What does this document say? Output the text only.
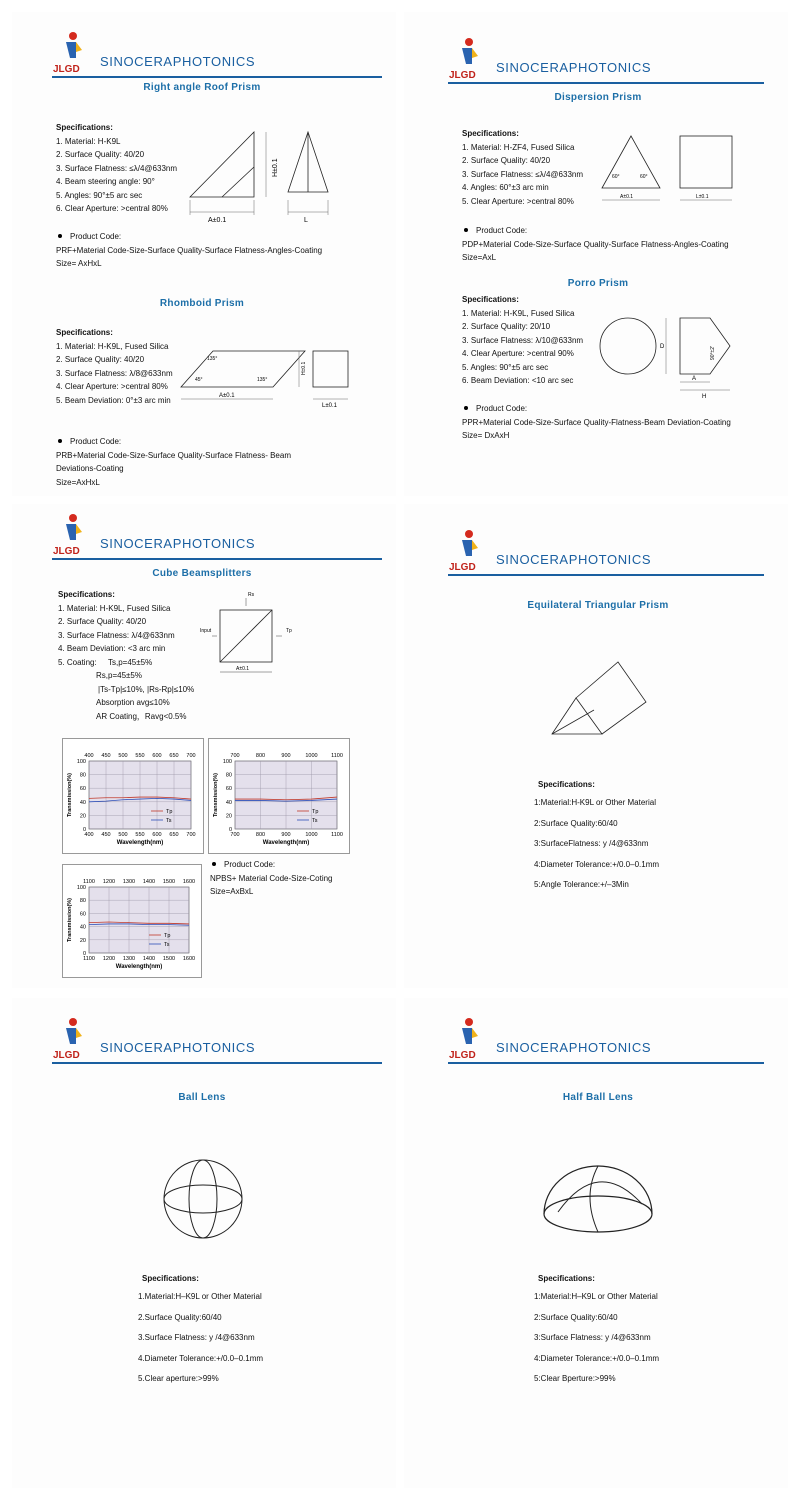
JLGD
SINOCERAPHOTONICS
Right angle Roof Prism
Specifications:
1. Material: H-K9L
2. Surface Quality: 40/20
3. Surface Flatness: ≤λ/4@633nm
4. Beam steering angle: 90°
5. Angles: 90°±5 arc sec
6. Clear Aperture: >central 80%
A±0.1
H±0.1
L
Product Code:
PRF+Material Code-Size-Surface Quality-Surface Flatness-Angles-Coating
Size= AxHxL
Rhomboid Prism
Specifications:
1. Material: H-K9L, Fused Silica
2. Surface Quality: 40/20
3. Surface Flatness: λ/8@633nm
4. Clear Aperture: >central 80%
5. Beam Deviation: 0°±3 arc min
135°
135°
45°
A±0.1
H±0.1
L±0.1
Product Code:
PRB+Material Code-Size-Surface Quality-Surface Flatness- Beam
Deviations-Coating
Size=AxHxL
JLGD
SINOCERAPHOTONICS
Dispersion Prism
Specifications:
1. Material: H-ZF4, Fused Silica
2. Surface Quality: 40/20
3. Surface Flatness: ≤λ/4@633nm
4. Angles: 60°±3 arc min
5. Clear Aperture: >central 80%
60°	60°
A±0.1	L±0.1
Product Code:
PDP+Material Code-Size-Surface Quality-Surface Flatness-Angles-Coating
Size=AxL
Porro Prism
Specifications:
1. Material: H-K9L, Fused Silica
2. Surface Quality: 20/10
3. Surface Flatness: λ/10@633nm
4. Clear Aperture: >central 90%
5. Angles: 90°±5 arc sec
6. Beam Deviation: <10 arc sec
D	90°±2'
A
H
Product Code:
PPR+Material Code-Size-Surface Quality-Flatness-Beam Deviation-Coating
Size= DxAxH
JLGD
SINOCERAPHOTONICS
Cube Beamsplitters
Specifications:
1. Material: H-K9L, Fused Silica
2. Surface Quality: 40/20
3. Surface Flatness: λ/4@633nm
4. Beam Deviation: <3 arc min
5. Coating:
Rs,p=45±5%
|Ts-Tp|≤10%, |Rs-Rp|≤10%
Absorption avg≤10%
AR Coating，Ravg<0.5%
Ts,p=45±5%
Rs
Input	Tp
A±0.1
400
400
450
450
500
500
550
550
600
600
650
650
700
700
0
20
40
60
80
100
Wavelength(nm)
Transmission(%)	Tp
Ts
700
700
800
800
900
900
1000
1000
1100
1100
0
20
40
60
80
100
Wavelength(nm)
Transmission(%)	Tp
Ts
1100
1100
1200
1200
1300
1300
1400
1400
1500
1500
1600
1600
0
20
40
60
80
100
Wavelength(nm)
Transmission(%)	Tp
Ts
Product Code:
NPBS+ Material Code-Size-Coting
Size=AxBxL
JLGD
SINOCERAPHOTONICS
Equilateral Triangular Prism
Specifications:
1:Material:H-K9L or Other Material
2:Surface Quality:60/40
3:SurfaceFlatness: y /4@633nm
4:Diameter Tolerance:+/0.0–0.1mm
5:Angle Tolerance:+/–3Min
JLGD
SINOCERAPHOTONICS
Ball Lens
Specifications:
1.Material:H–K9L or Other Material
2.Surface Quality:60/40
3.Surface Flatness: y /4@633nm
4.Diameter Tolerance:+/0.0–0.1mm
5.Clear aperture:>99%
JLGD
SINOCERAPHOTONICS
Half Ball Lens
Specifications:
1:Material:H–K9L or Other Material
2:Surface Quality:60/40
3:Surface Flatness: y /4@633nm
4:Diameter Tolerance:+/0.0–0.1mm
5:Clear Bperture:>99%
